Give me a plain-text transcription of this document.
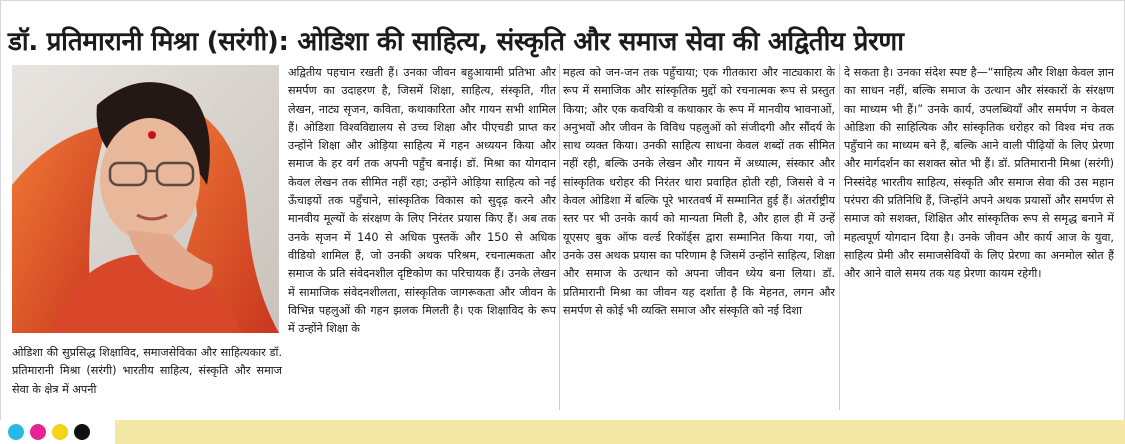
डॉ. प्रतिमारानी मिश्रा (सरंगी): ओडिशा की साहित्य, संस्कृति और समाज सेवा की अद्वितीय प्रेरणा
ओडिशा की सुप्रसिद्ध शिक्षाविद, समाजसेविका और साहित्यकार डॉ. प्रतिमारानी मिश्रा (सरंगी) भारतीय साहित्य, संस्कृति और समाज सेवा के क्षेत्र में अपनी
अद्वितीय पहचान रखती हैं। उनका जीवन बहुआयामी प्रतिभा और समर्पण का उदाहरण है, जिसमें शिक्षा, साहित्य, संस्कृति, गीत लेखन, नाट्य सृजन, कविता, कथाकारिता और गायन सभी शामिल हैं। ओडिशा विश्वविद्यालय से उच्च शिक्षा और पीएचडी प्राप्त कर उन्होंने शिक्षा और ओड़िया साहित्य में गहन अध्ययन किया और समाज के हर वर्ग तक अपनी पहुँच बनाई। डॉ. मिश्रा का योगदान केवल लेखन तक सीमित नहीं रहा; उन्होंने ओड़िया साहित्य को नई ऊँचाइयों तक पहुँचाने, सांस्कृतिक विकास को सुदृढ़ करने और मानवीय मूल्यों के संरक्षण के लिए निरंतर प्रयास किए हैं। अब तक उनके सृजन में 140 से अधिक पुस्तकें और 150 से अधिक वीडियो शामिल हैं, जो उनकी अथक परिश्रम, रचनात्मकता और समाज के प्रति संवेदनशील दृष्टिकोण का परिचायक हैं। उनके लेखन में सामाजिक संवेदनशीलता, सांस्कृतिक जागरूकता और जीवन के विभिन्न पहलुओं की गहन झलक मिलती है। एक शिक्षाविद के रूप में उन्होंने शिक्षा के
महत्व को जन-जन तक पहुँचाया; एक गीतकारा और नाट्यकारा के रूप में समाजिक और सांस्कृतिक मुद्दों को रचनात्मक रूप से प्रस्तुत किया; और एक कवयित्री व कथाकार के रूप में मानवीय भावनाओं, अनुभवों और जीवन के विविध पहलुओं को संजीदगी और सौंदर्य के साथ व्यक्त किया। उनकी साहित्य साधना केवल शब्दों तक सीमित नहीं रही, बल्कि उनके लेखन और गायन में अध्यात्म, संस्कार और सांस्कृतिक धरोहर की निरंतर धारा प्रवाहित होती रही, जिससे वे न केवल ओडिशा में बल्कि पूरे भारतवर्ष में सम्मानित हुई हैं। अंतर्राष्ट्रीय स्तर पर भी उनके कार्य को मान्यता मिली है, और हाल ही में उन्हें यूएसए बुक ऑफ वर्ल्ड रिकॉर्ड्स द्वारा सम्मानित किया गया, जो उनके उस अथक प्रयास का परिणाम है जिसमें उन्होंने साहित्य, शिक्षा और समाज के उत्थान को अपना जीवन ध्येय बना लिया। डॉ. प्रतिमारानी मिश्रा का जीवन यह दर्शाता है कि मेहनत, लगन और समर्पण से कोई भी व्यक्ति समाज और संस्कृति को नई दिशा
दे सकता है। उनका संदेश स्पष्ट है—“साहित्य और शिक्षा केवल ज्ञान का साधन नहीं, बल्कि समाज के उत्थान और संस्कारों के संरक्षण का माध्यम भी हैं।” उनके कार्य, उपलब्धियाँ और समर्पण न केवल ओडिशा की साहित्यिक और सांस्कृतिक धरोहर को विश्व मंच तक पहुँचाने का माध्यम बने हैं, बल्कि आने वाली पीढ़ियों के लिए प्रेरणा और मार्गदर्शन का सशक्त स्रोत भी हैं। डॉ. प्रतिमारानी मिश्रा (सरंगी) निस्संदेह भारतीय साहित्य, संस्कृति और समाज सेवा की उस महान परंपरा की प्रतिनिधि हैं, जिन्होंने अपने अथक प्रयासों और समर्पण से समाज को सशक्त, शिक्षित और सांस्कृतिक रूप से समृद्ध बनाने में महत्वपूर्ण योगदान दिया है। उनके जीवन और कार्य आज के युवा, साहित्य प्रेमी और समाजसेवियों के लिए प्रेरणा का अनमोल स्रोत हैं और आने वाले समय तक यह प्रेरणा कायम रहेगी।
